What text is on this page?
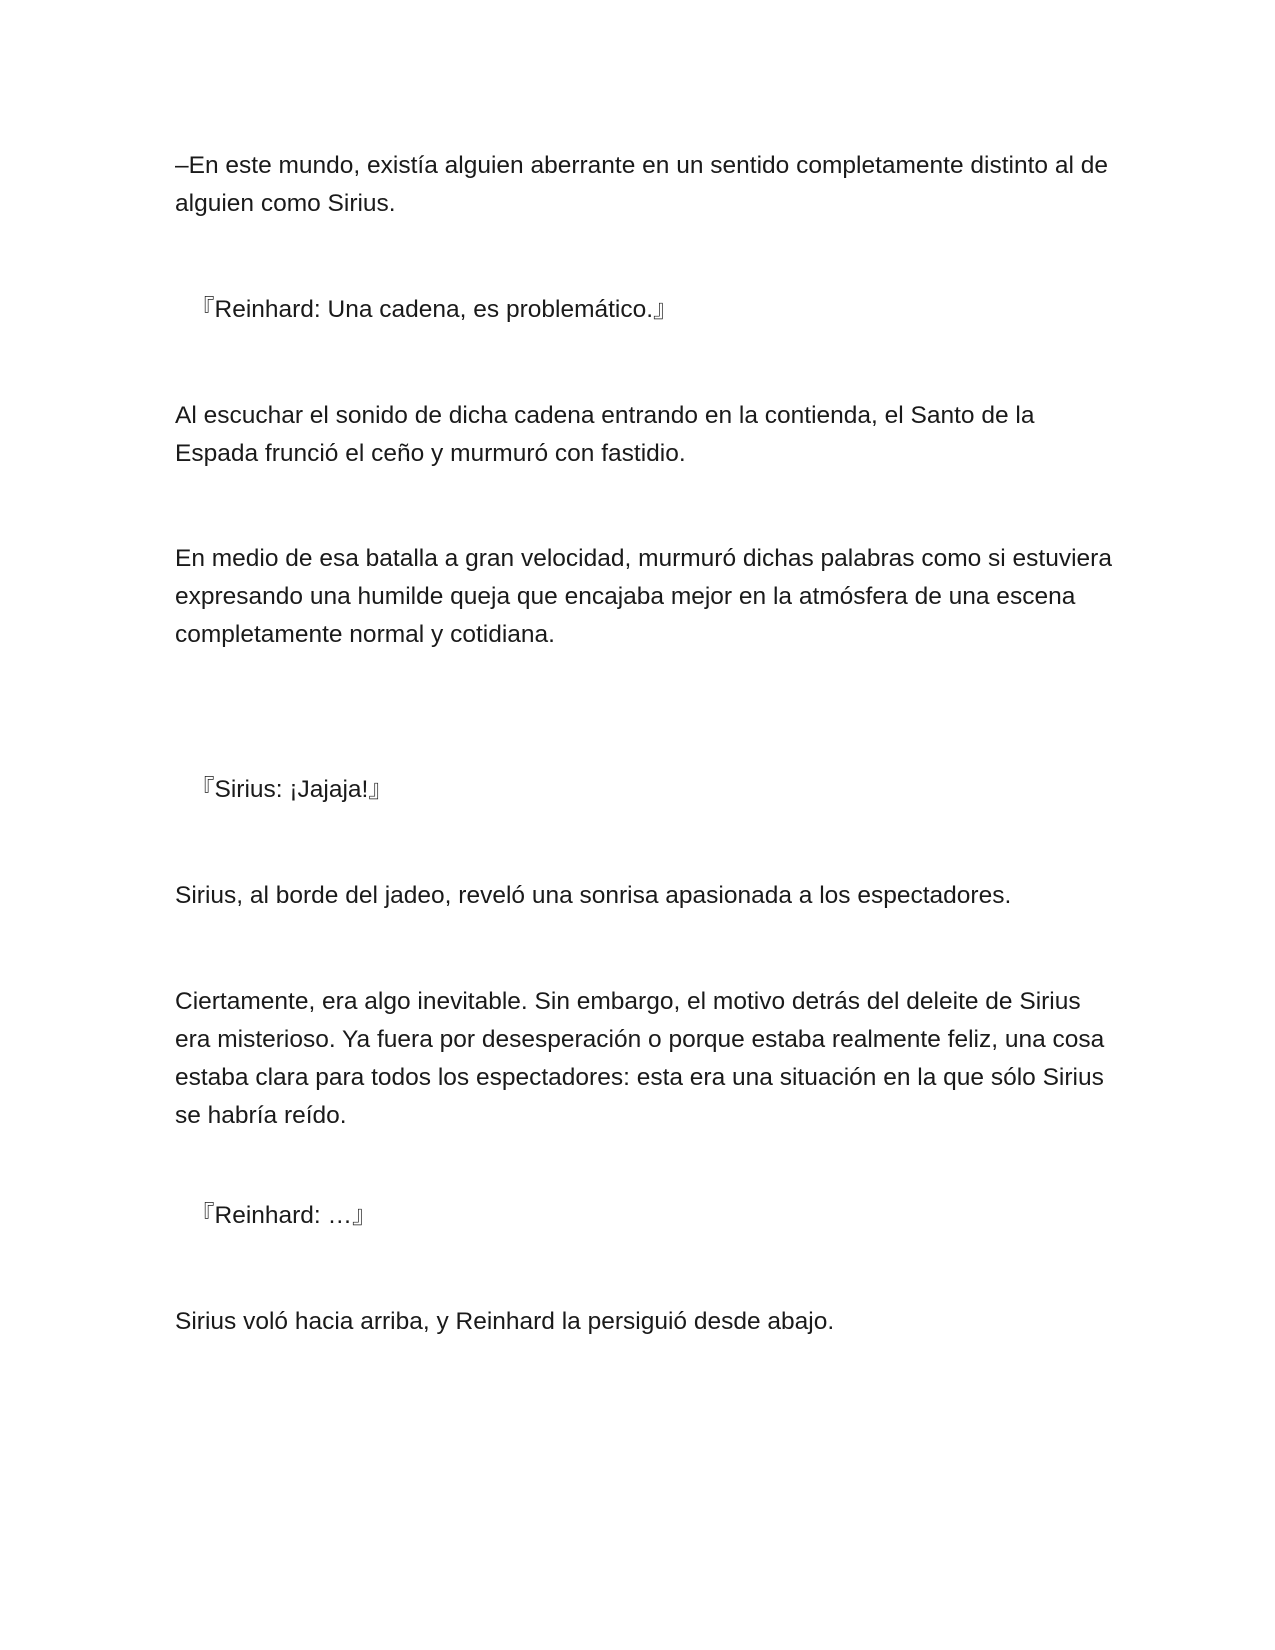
–En este mundo, existía alguien aberrante en un sentido completamente distinto al de alguien como Sirius.

『Reinhard: Una cadena, es problemático.』

Al escuchar el sonido de dicha cadena entrando en la contienda, el Santo de la Espada frunció el ceño y murmuró con fastidio.

En medio de esa batalla a gran velocidad, murmuró dichas palabras como si estuviera expresando una humilde queja que encajaba mejor en la atmósfera de una escena completamente normal y cotidiana.

『Sirius: ¡Jajaja!』

Sirius, al borde del jadeo, reveló una sonrisa apasionada a los espectadores.

Ciertamente, era algo inevitable. Sin embargo, el motivo detrás del deleite de Sirius era misterioso. Ya fuera por desesperación o porque estaba realmente feliz, una cosa estaba clara para todos los espectadores: esta era una situación en la que sólo Sirius se habría reído.

『Reinhard: …』

Sirius voló hacia arriba, y Reinhard la persiguió desde abajo.
